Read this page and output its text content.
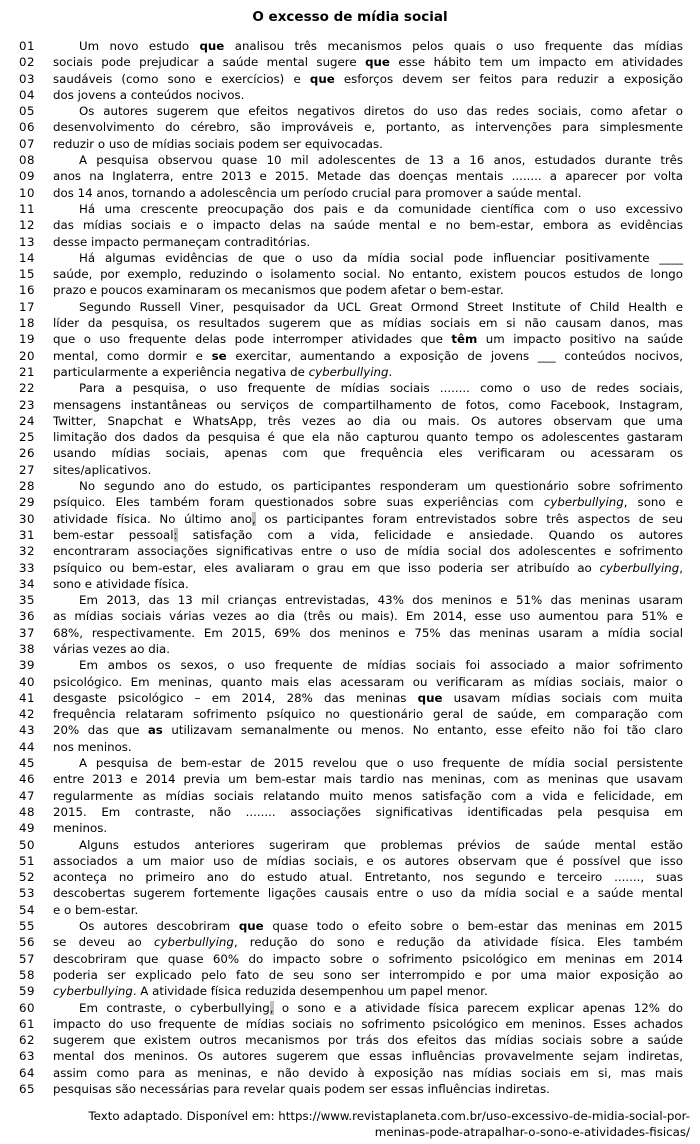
O excesso de mídia social
01	Um novo estudo que analisou três mecanismos pelos quais o uso frequente das mídias
02	sociais pode prejudicar a saúde mental sugere que esse hábito tem um impacto em atividades
03	saudáveis (como sono e exercícios) e que esforços devem ser feitos para reduzir a exposição
04	dos jovens a conteúdos nocivos.
05	Os autores sugerem que efeitos negativos diretos do uso das redes sociais, como afetar o
06	desenvolvimento do cérebro, são improváveis e, portanto, as intervenções para simplesmente
07	reduzir o uso de mídias sociais podem ser equivocadas.
08	A pesquisa observou quase 10 mil adolescentes de 13 a 16 anos, estudados durante três
09	anos na Inglaterra, entre 2013 e 2015. Metade das doenças mentais ........ a aparecer por volta
10	dos 14 anos, tornando a adolescência um período crucial para promover a saúde mental.
11	Há uma crescente preocupação dos pais e da comunidade científica com o uso excessivo
12	das mídias sociais e o impacto delas na saúde mental e no bem-estar, embora as evidências
13	desse impacto permaneçam contraditórias.
14	Há algumas evidências de que o uso da mídia social pode influenciar positivamente ____
15	saúde, por exemplo, reduzindo o isolamento social. No entanto, existem poucos estudos de longo
16	prazo e poucos examinaram os mecanismos que podem afetar o bem-estar.
17	Segundo Russell Viner, pesquisador da UCL Great Ormond Street Institute of Child Health e
18	líder da pesquisa, os resultados sugerem que as mídias sociais em si não causam danos, mas
19	que o uso frequente delas pode interromper atividades que têm um impacto positivo na saúde
20	mental, como dormir e se exercitar, aumentando a exposição de jovens ___ conteúdos nocivos,
21	particularmente a experiência negativa de cyberbullying.
22	Para a pesquisa, o uso frequente de mídias sociais ........ como o uso de redes sociais,
23	mensagens instantâneas ou serviços de compartilhamento de fotos, como Facebook, Instagram,
24	Twitter, Snapchat e WhatsApp, três vezes ao dia ou mais. Os autores observam que uma
25	limitação dos dados da pesquisa é que ela não capturou quanto tempo os adolescentes gastaram
26	usando mídias sociais, apenas com que frequência eles verificaram ou acessaram os
27	sites/aplicativos.
28	No segundo ano do estudo, os participantes responderam um questionário sobre sofrimento
29	psíquico. Eles também foram questionados sobre suas experiências com cyberbullying, sono e
30	atividade física. No último ano, os participantes foram entrevistados sobre três aspectos de seu
31	bem-estar pessoal: satisfação com a vida, felicidade e ansiedade. Quando os autores
32	encontraram associações significativas entre o uso de mídia social dos adolescentes e sofrimento
33	psíquico ou bem-estar, eles avaliaram o grau em que isso poderia ser atribuído ao cyberbullying,
34	sono e atividade física.
35	Em 2013, das 13 mil crianças entrevistadas, 43% dos meninos e 51% das meninas usaram
36	as mídias sociais várias vezes ao dia (três ou mais). Em 2014, esse uso aumentou para 51% e
37	68%, respectivamente. Em 2015, 69% dos meninos e 75% das meninas usaram a mídia social
38	várias vezes ao dia.
39	Em ambos os sexos, o uso frequente de mídias sociais foi associado a maior sofrimento
40	psicológico. Em meninas, quanto mais elas acessaram ou verificaram as mídias sociais, maior o
41	desgaste psicológico – em 2014, 28% das meninas que usavam mídias sociais com muita
42	frequência relataram sofrimento psíquico no questionário geral de saúde, em comparação com
43	20% das que as utilizavam semanalmente ou menos. No entanto, esse efeito não foi tão claro
44	nos meninos.
45	A pesquisa de bem-estar de 2015 revelou que o uso frequente de mídia social persistente
46	entre 2013 e 2014 previa um bem-estar mais tardio nas meninas, com as meninas que usavam
47	regularmente as mídias sociais relatando muito menos satisfação com a vida e felicidade, em
48	2015. Em contraste, não ........ associações significativas identificadas pela pesquisa em
49	meninos.
50	Alguns estudos anteriores sugeriram que problemas prévios de saúde mental estão
51	associados a um maior uso de mídias sociais, e os autores observam que é possível que isso
52	aconteça no primeiro ano do estudo atual. Entretanto, nos segundo e terceiro ......., suas
53	descobertas sugerem fortemente ligações causais entre o uso da mídia social e a saúde mental
54	e o bem-estar.
55	Os autores descobriram que quase todo o efeito sobre o bem-estar das meninas em 2015
56	se deveu ao cyberbullying, redução do sono e redução da atividade física. Eles também
57	descobriram que quase 60% do impacto sobre o sofrimento psicológico em meninas em 2014
58	poderia ser explicado pelo fato de seu sono ser interrompido e por uma maior exposição ao
59	cyberbullying. A atividade física reduzida desempenhou um papel menor.
60	Em contraste, o cyberbullying, o sono e a atividade física parecem explicar apenas 12% do
61	impacto do uso frequente de mídias sociais no sofrimento psicológico em meninos. Esses achados
62	sugerem que existem outros mecanismos por trás dos efeitos das mídias sociais sobre a saúde
63	mental dos meninos. Os autores sugerem que essas influências provavelmente sejam indiretas,
64	assim como para as meninas, e não devido à exposição nas mídias sociais em si, mas mais
65	pesquisas são necessárias para revelar quais podem ser essas influências indiretas.
Texto adaptado. Disponível em: https://www.revistaplaneta.com.br/uso-excessivo-de-midia-social-por-
meninas-pode-atrapalhar-o-sono-e-atividades-fisicas/
